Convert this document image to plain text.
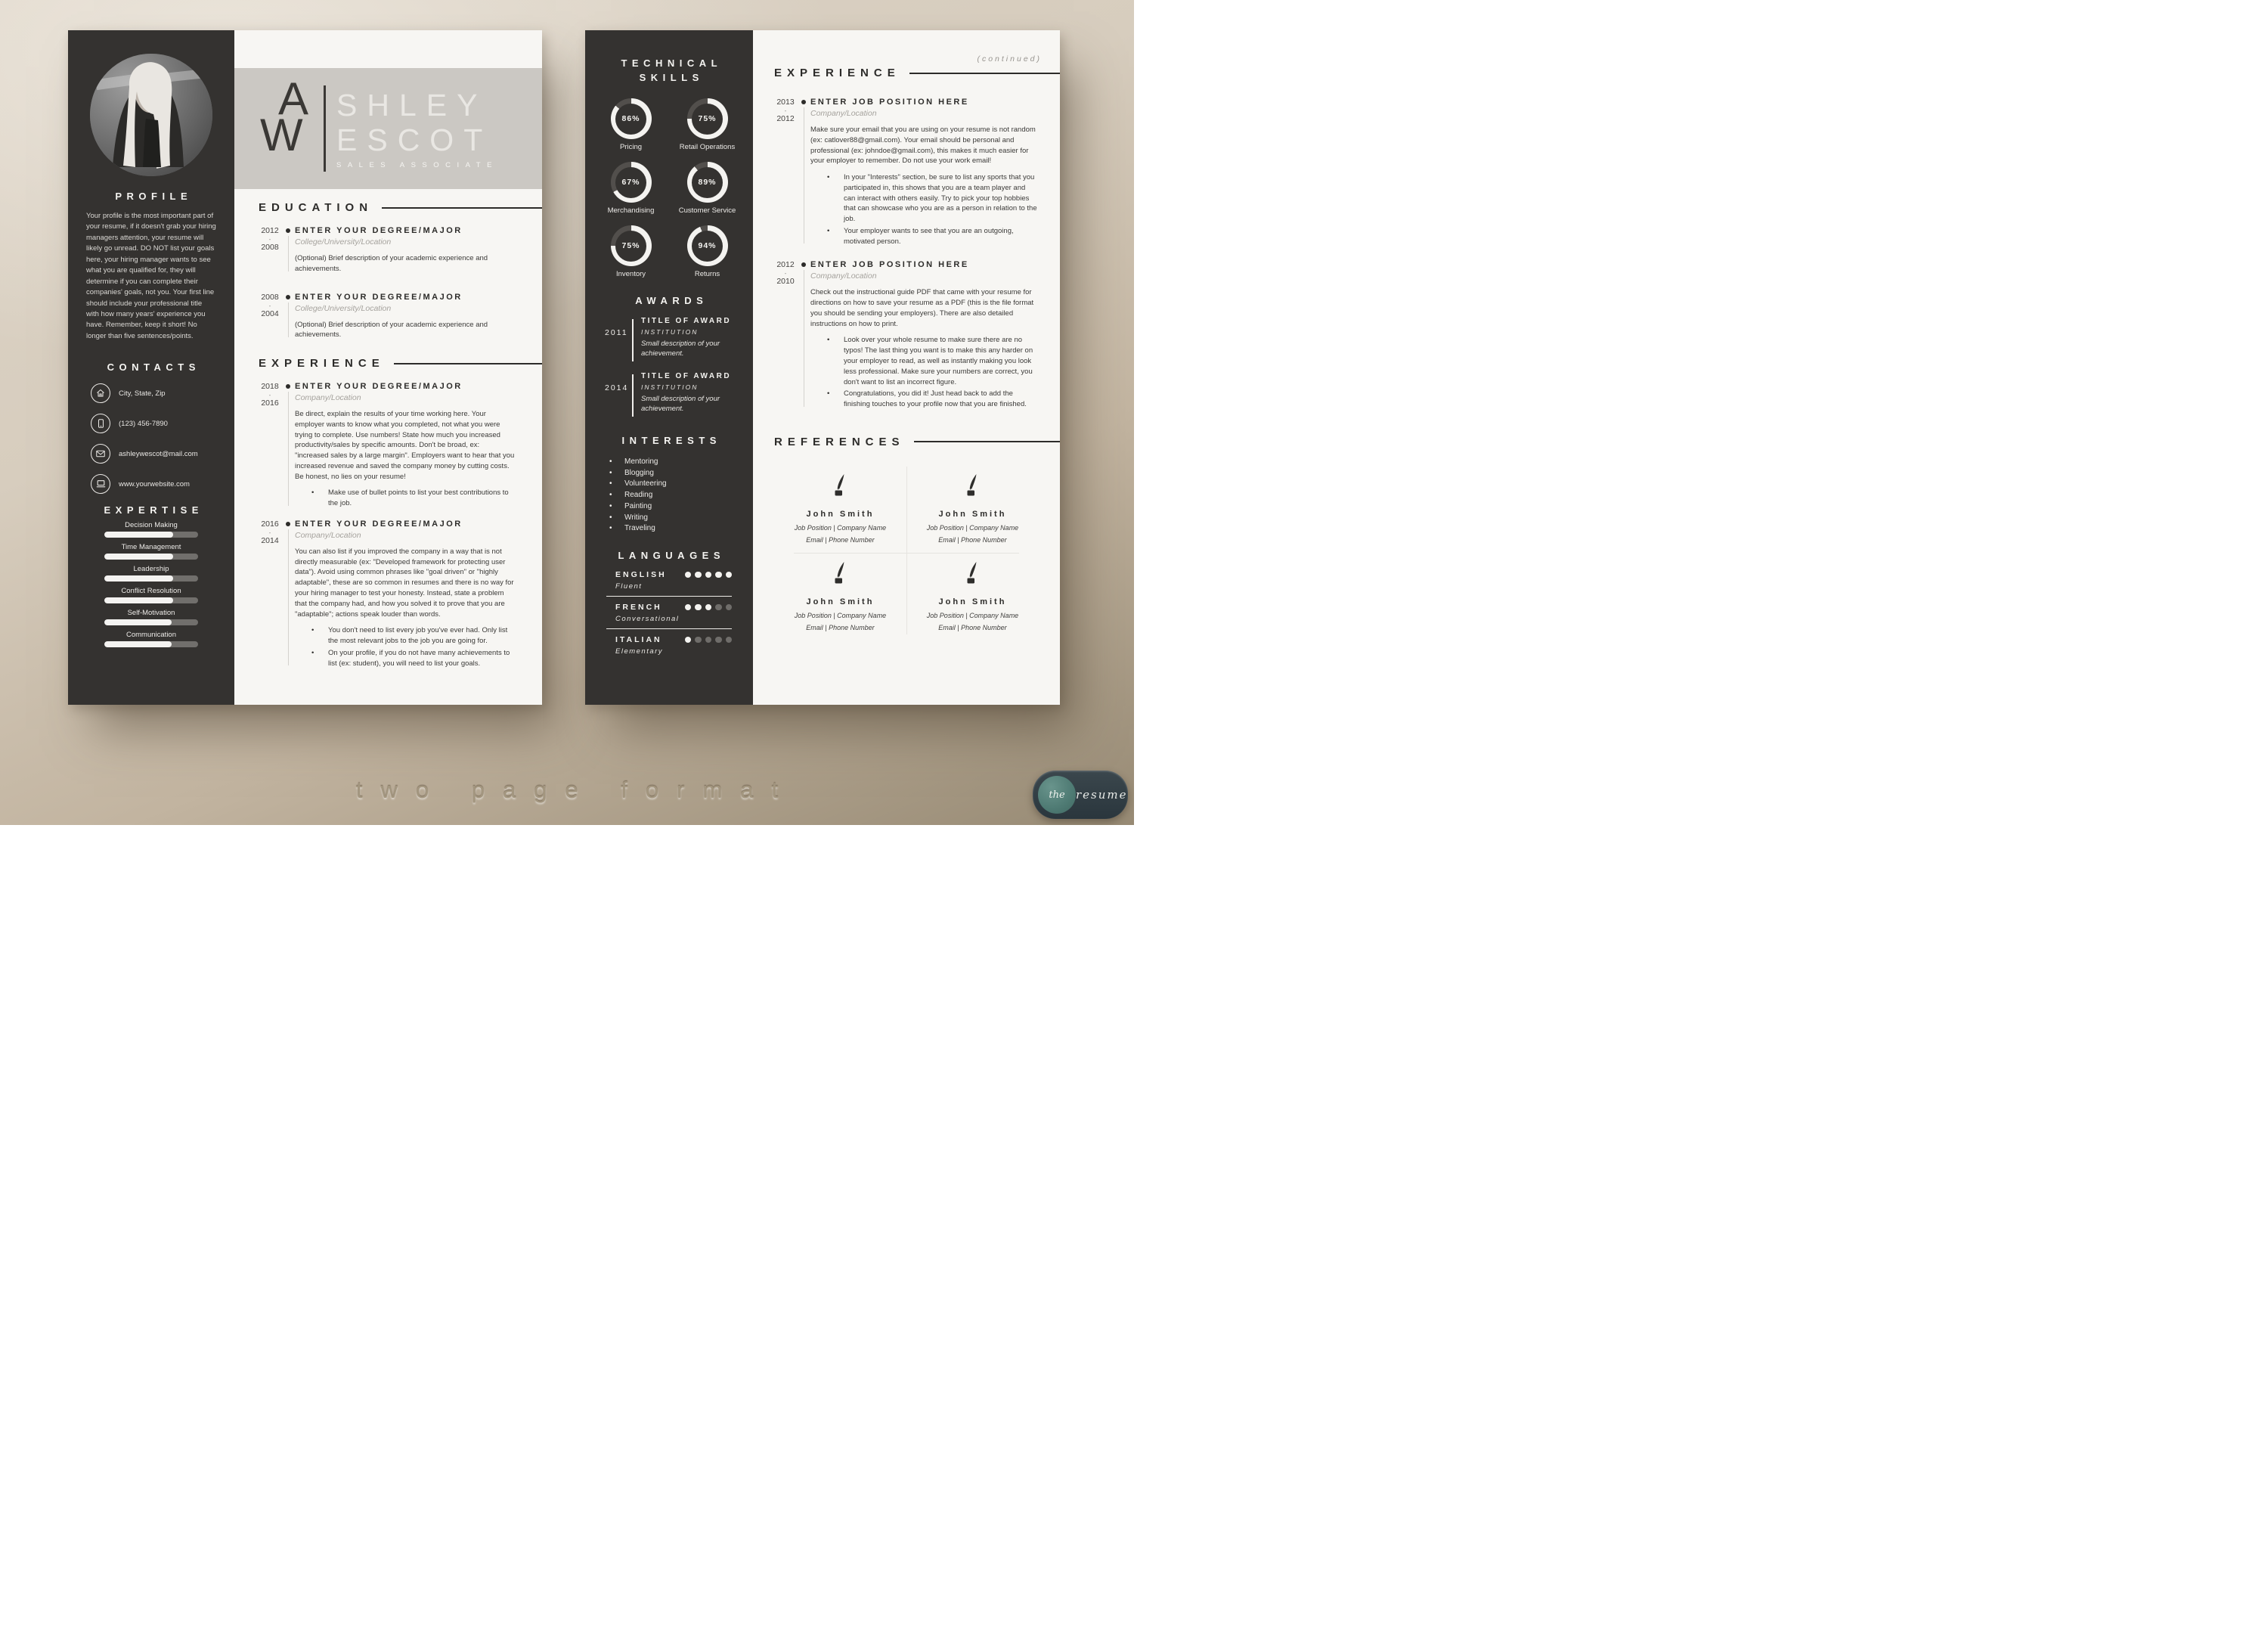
PROFILE
Your profile is the most important part of your resume, if it doesn't grab your hiring managers attention, your resume will likely go unread. DO NOT list your goals here, your hiring manager wants to see what you are qualified for, they will determine if you can complete their companies' goals, not you. Your first line should include your professional title with how many years' experience you have. Remember, keep it short! No longer than five sentences/points.
CONTACTS
City, State, Zip
(123) 456-7890
ashleywescot@mail.com
www.yourwebsite.com
EXPERTISE
Decision Making
Time Management
Leadership
Conflict Resolution
Self-Motivation
Communication
A
W
SHLEY
ESCOT
SALES ASSOCIATE
EDUCATION
2012
-
2008
ENTER YOUR DEGREE/MAJOR
College/University/Location

(Optional) Brief description of your academic experience and achievements.

2008
-
2004
ENTER YOUR DEGREE/MAJOR
College/University/Location

(Optional) Brief description of your academic experience and achievements.

EXPERIENCE
2018
-
2016
ENTER YOUR DEGREE/MAJOR
Company/Location

Be direct, explain the results of your time working here. Your employer wants to know what you completed, not what you were trying to complete. Use numbers! State how much you increased productivity/sales by specific amounts. Don't be broad, ex: "increased sales by a large margin". Employers want to hear that you increased revenue and saved the company money by cutting costs. Be honest, no lies on your resume!

• Make use of bullet points to list your best contributions to the job.
2016
-
2014
ENTER YOUR DEGREE/MAJOR
Company/Location

You can also list if you improved the company in a way that is not directly measurable (ex: "Developed framework for protecting user data"). Avoid using common phrases like "goal driven" or "highly adaptable", these are so common in resumes and there is no way for your hiring manager to test your honesty. Instead, state a problem that the company had, and how you solved it to prove that you are "adaptable"; actions speak louder than words.

• You don't need to list every job you've ever had. Only list the most relevant jobs to the job you are going for.
• On your profile, if you do not have many achievements to list (ex: student), you will need to list your goals.
TECHNICAL
SKILLS
86%
Pricing
75%
Retail Operations
67%
Merchandising
89%
Customer Service
75%
Inventory
94%
Returns
AWARDS
2011
TITLE OF AWARD
INSTITUTION
Small description of your achievement.
2014
TITLE OF AWARD
INSTITUTION
Small description of your achievement.
INTERESTS
• Mentoring
• Blogging
• Volunteering
• Reading
• Painting
• Writing
• Traveling
LANGUAGES
ENGLISH
Fluent
FRENCH
Conversational
ITALIAN
Elementary
EXPERIENCE
(continued)
2013
-
2012
ENTER JOB POSITION HERE
Company/Location

Make sure your email that you are using on your resume is not random (ex: catlover88@gmail.com). Your email should be personal and professional (ex: johndoe@gmail.com), this makes it much easier for your employer to remember. Do not use your work email!

• In your "Interests" section, be sure to list any sports that you participated in, this shows that you are a team player and can interact with others easily. Try to pick your top hobbies that can showcase who you are as a person in relation to the job.
• Your employer wants to see that you are an outgoing, motivated person.
2012
-
2010
ENTER JOB POSITION HERE
Company/Location

Check out the instructional guide PDF that came with your resume for directions on how to save your resume as a PDF (this is the file format you should be sending your employers). There are also detailed instructions on how to print.

• Look over your whole resume to make sure there are no typos! The last thing you want is to make this any harder on your employer to read, as well as instantly making you look less professional. Make sure your numbers are correct, you don't want to list an incorrect figure.
• Congratulations, you did it! Just head back to add the finishing touches to your profile now that you are finished.
REFERENCES
John Smith
Job Position | Company Name
Email | Phone Number
John Smith
Job Position | Company Name
Email | Phone Number
John Smith
Job Position | Company Name
Email | Phone Number
John Smith
Job Position | Company Name
Email | Phone Number
two page format	the resume
